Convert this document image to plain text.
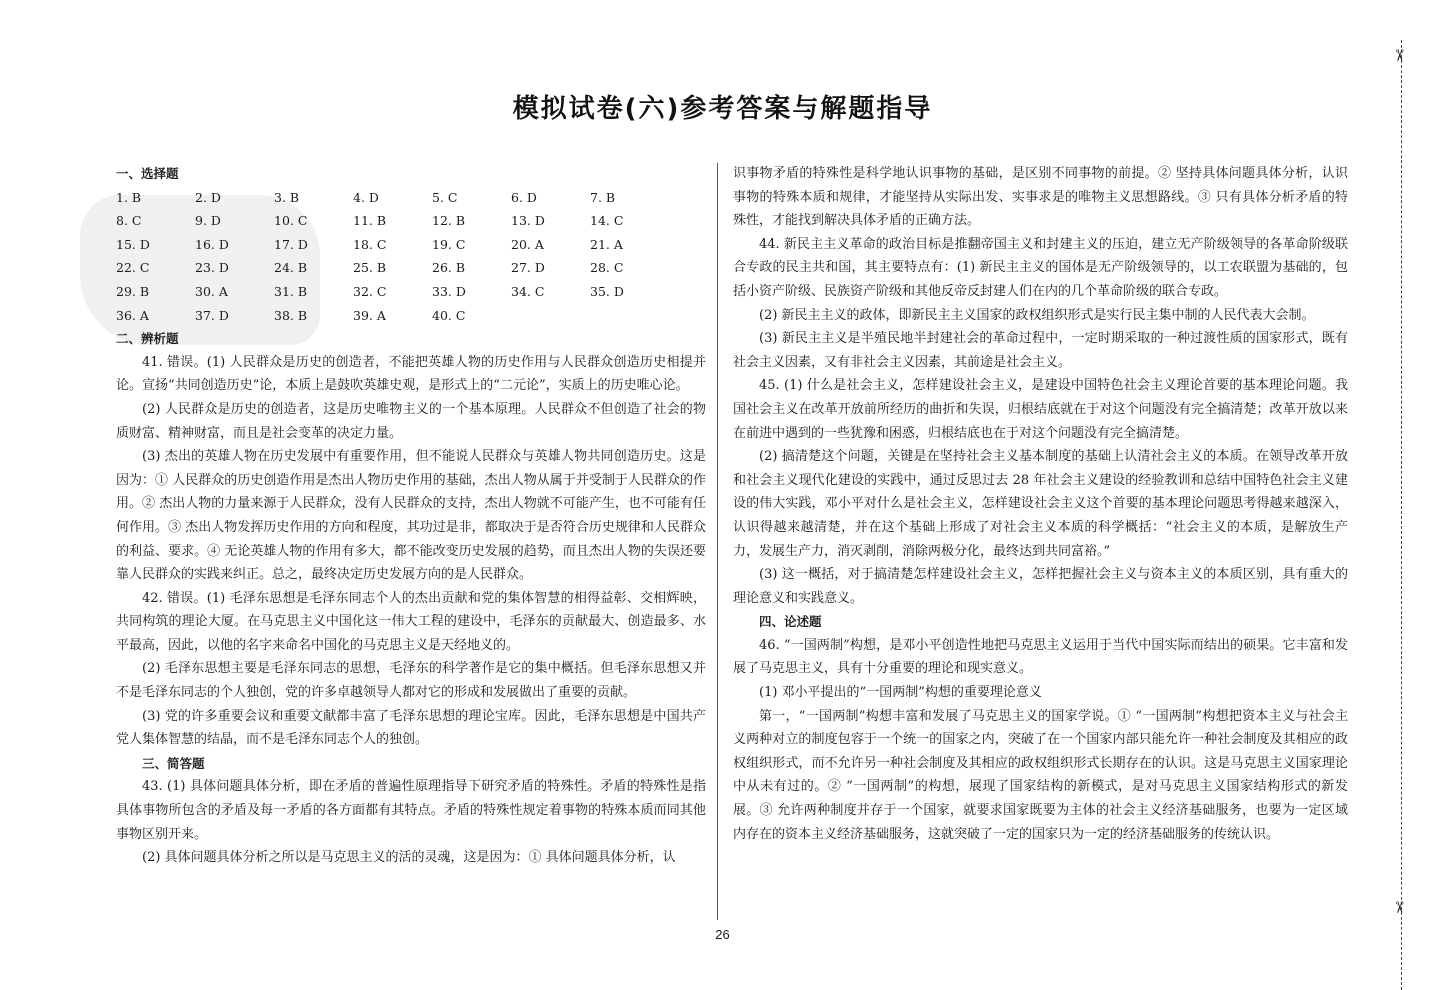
模拟试卷(六)参考答案与解题指导
一、选择题
1. B	2. D	3. B	4. D	5. C	6. D	7. B
8. C	9. D	10. C	11. B	12. B	13. D	14. C
15. D	16. D	17. D	18. C	19. C	20. A	21. A
22. C	23. D	24. B	25. B	26. B	27. D	28. C
29. B	30. A	31. B	32. C	33. D	34. C	35. D
36. A	37. D	38. B	39. A	40. C
二、辨析题

41. 错误。(1) 人民群众是历史的创造者，不能把英雄人物的历史作用与人民群众创造历史相提并论。宣扬“共同创造历史”论，本质上是鼓吹英雄史观，是形式上的“二元论”，实质上的历史唯心论。

(2) 人民群众是历史的创造者，这是历史唯物主义的一个基本原理。人民群众不但创造了社会的物质财富、精神财富，而且是社会变革的决定力量。

(3) 杰出的英雄人物在历史发展中有重要作用，但不能说人民群众与英雄人物共同创造历史。这是因为：① 人民群众的历史创造作用是杰出人物历史作用的基础，杰出人物从属于并受制于人民群众的作用。② 杰出人物的力量来源于人民群众，没有人民群众的支持，杰出人物就不可能产生，也不可能有任何作用。③ 杰出人物发挥历史作用的方向和程度，其功过是非，都取决于是否符合历史规律和人民群众的利益、要求。④ 无论英雄人物的作用有多大，都不能改变历史发展的趋势，而且杰出人物的失误还要靠人民群众的实践来纠正。总之，最终决定历史发展方向的是人民群众。

42. 错误。(1) 毛泽东思想是毛泽东同志个人的杰出贡献和党的集体智慧的相得益彰、交相辉映，共同构筑的理论大厦。在马克思主义中国化这一伟大工程的建设中，毛泽东的贡献最大、创造最多、水平最高，因此，以他的名字来命名中国化的马克思主义是天经地义的。

(2) 毛泽东思想主要是毛泽东同志的思想，毛泽东的科学著作是它的集中概括。但毛泽东思想又并不是毛泽东同志的个人独创，党的许多卓越领导人都对它的形成和发展做出了重要的贡献。

(3) 党的许多重要会议和重要文献都丰富了毛泽东思想的理论宝库。因此，毛泽东思想是中国共产党人集体智慧的结晶，而不是毛泽东同志个人的独创。

三、简答题

43. (1) 具体问题具体分析，即在矛盾的普遍性原理指导下研究矛盾的特殊性。矛盾的特殊性是指具体事物所包含的矛盾及每一矛盾的各方面都有其特点。矛盾的特殊性规定着事物的特殊本质而同其他事物区别开来。

(2) 具体问题具体分析之所以是马克思主义的活的灵魂，这是因为：① 具体问题具体分析，认

识事物矛盾的特殊性是科学地认识事物的基础，是区别不同事物的前提。② 坚持具体问题具体分析，认识事物的特殊本质和规律，才能坚持从实际出发、实事求是的唯物主义思想路线。③ 只有具体分析矛盾的特殊性，才能找到解决具体矛盾的正确方法。

44. 新民主主义革命的政治目标是推翻帝国主义和封建主义的压迫，建立无产阶级领导的各革命阶级联合专政的民主共和国，其主要特点有：(1) 新民主主义的国体是无产阶级领导的，以工农联盟为基础的，包括小资产阶级、民族资产阶级和其他反帝反封建人们在内的几个革命阶级的联合专政。

(2) 新民主主义的政体，即新民主主义国家的政权组织形式是实行民主集中制的人民代表大会制。

(3) 新民主主义是半殖民地半封建社会的革命过程中，一定时期采取的一种过渡性质的国家形式，既有社会主义因素，又有非社会主义因素，其前途是社会主义。

45. (1) 什么是社会主义，怎样建设社会主义，是建设中国特色社会主义理论首要的基本理论问题。我国社会主义在改革开放前所经历的曲折和失误，归根结底就在于对这个问题没有完全搞清楚；改革开放以来在前进中遇到的一些犹豫和困惑，归根结底也在于对这个问题没有完全搞清楚。

(2) 搞清楚这个问题，关键是在坚持社会主义基本制度的基础上认清社会主义的本质。在领导改革开放和社会主义现代化建设的实践中，通过反思过去 28 年社会主义建设的经验教训和总结中国特色社会主义建设的伟大实践，邓小平对什么是社会主义，怎样建设社会主义这个首要的基本理论问题思考得越来越深入，认识得越来越清楚，并在这个基础上形成了对社会主义本质的科学概括：“社会主义的本质，是解放生产力，发展生产力，消灭剥削，消除两极分化，最终达到共同富裕。”

(3) 这一概括，对于搞清楚怎样建设社会主义，怎样把握社会主义与资本主义的本质区别，具有重大的理论意义和实践意义。

四、论述题

46. “一国两制”构想，是邓小平创造性地把马克思主义运用于当代中国实际而结出的硕果。它丰富和发展了马克思主义，具有十分重要的理论和现实意义。

(1) 邓小平提出的“一国两制”构想的重要理论意义

第一，“一国两制”构想丰富和发展了马克思主义的国家学说。① “一国两制”构想把资本主义与社会主义两种对立的制度包容于一个统一的国家之内，突破了在一个国家内部只能允许一种社会制度及其相应的政权组织形式，而不允许另一种社会制度及其相应的政权组织形式长期存在的认识。这是马克思主义国家理论中从未有过的。② “一国两制”的构想，展现了国家结构的新模式，是对马克思主义国家结构形式的新发展。③ 允许两种制度并存于一个国家，就要求国家既要为主体的社会主义经济基础服务，也要为一定区域内存在的资本主义经济基础服务，这就突破了一定的国家只为一定的经济基础服务的传统认识。

26
✂
✂
